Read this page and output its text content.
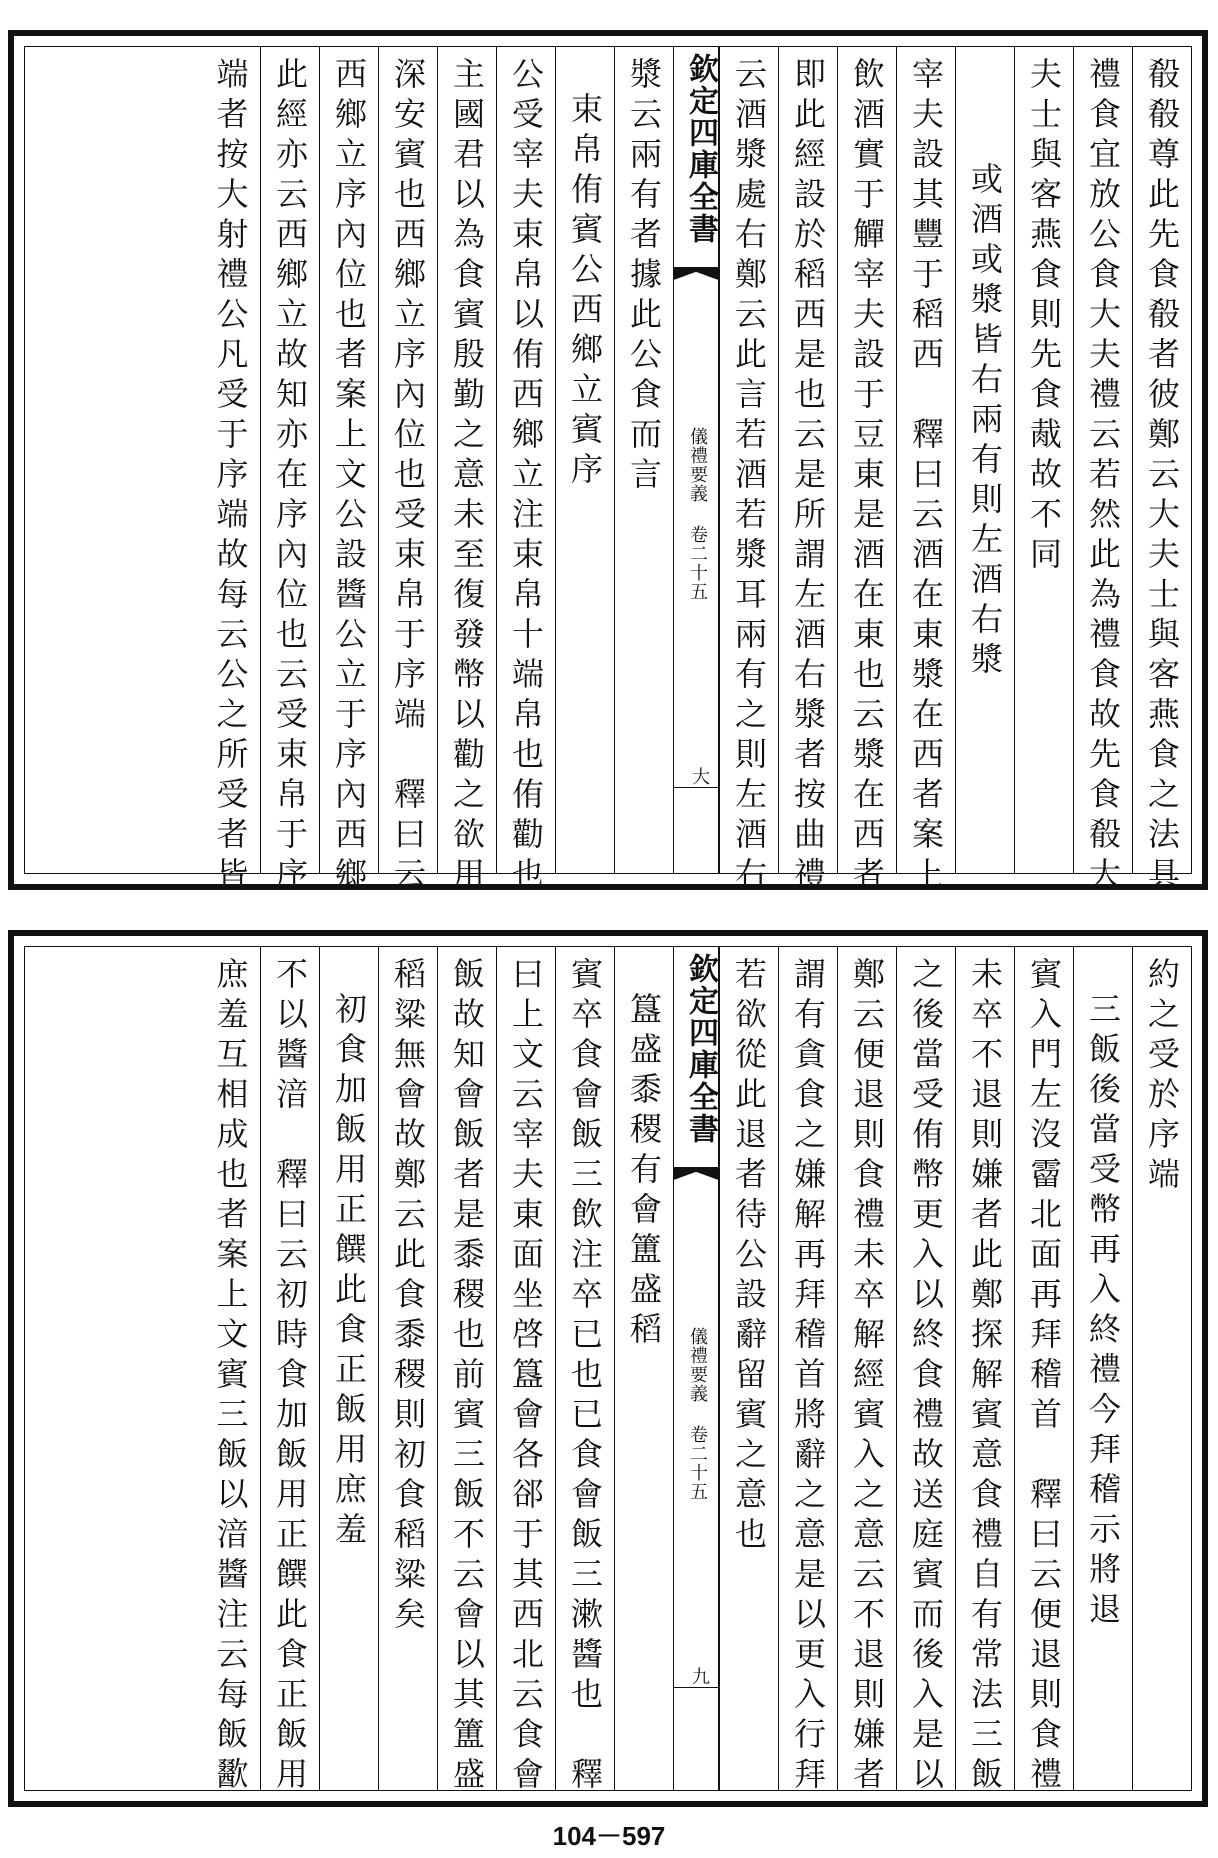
殽殽尊此先食殽者彼鄭云大夫士與客燕食之法具
禮食宜放公食大夫禮云若然此為禮食故先食殽大
夫士與客燕食則先食胾故不同
或酒或漿皆右兩有則左酒右漿
宰夫設其豐于稻西　釋曰云酒在東漿在西者案上
飲酒實于觶宰夫設于豆東是酒在東也云漿在西者
即此經設於稻西是也云是所謂左酒右漿者按曲禮
云酒漿處右鄭云此言若酒若漿耳兩有之則左酒右
欽定四庫全書
儀禮要義 卷二十五
大
漿云兩有者據此公食而言
束帛侑賓公西鄉立賓序
公受宰夫束帛以侑西鄉立注束帛十端帛也侑勸也
主國君以為食賓殷勤之意未至復發幣以勸之欲用
深安賓也西鄉立序內位也受束帛于序端　釋曰云
西鄉立序內位也者案上文公設醬公立于序內西鄉
此經亦云西鄉立故知亦在序內位也云受束帛于序
端者按大射禮公凡受于序端故每云公之所受者皆
約之受於序端
三飯後當受幣再入終禮今拜稽示將退
賓入門左沒霤北面再拜稽首　釋曰云便退則食禮
未卒不退則嫌者此鄭探解賓意食禮自有常法三飯
之後當受侑幣更入以終食禮故送庭賓而後入是以
鄭云便退則食禮未卒解經賓入之意云不退則嫌者
謂有貪食之嫌解再拜稽首將辭之意是以更入行拜
若欲從此退者待公設辭留賓之意也
欽定四庫全書
儀禮要義 卷二十五
九
簋盛黍稷有會簠盛稻
賓卒食會飯三飲注卒已也已食會飯三漱醬也　釋
曰上文云宰夫東面坐啓簋會各郤于其西北云食會
飯故知會飯者是黍稷也前賓三飯不云會以其簠盛
稻粱無會故鄭云此食黍稷則初食稻粱矣
初食加飯用正饌此食正飯用庶羞
不以醬湆　釋曰云初時食加飯用正饌此食正飯用
庶羞互相成也者案上文賓三飯以湆醬注云每飯歠
104－597
